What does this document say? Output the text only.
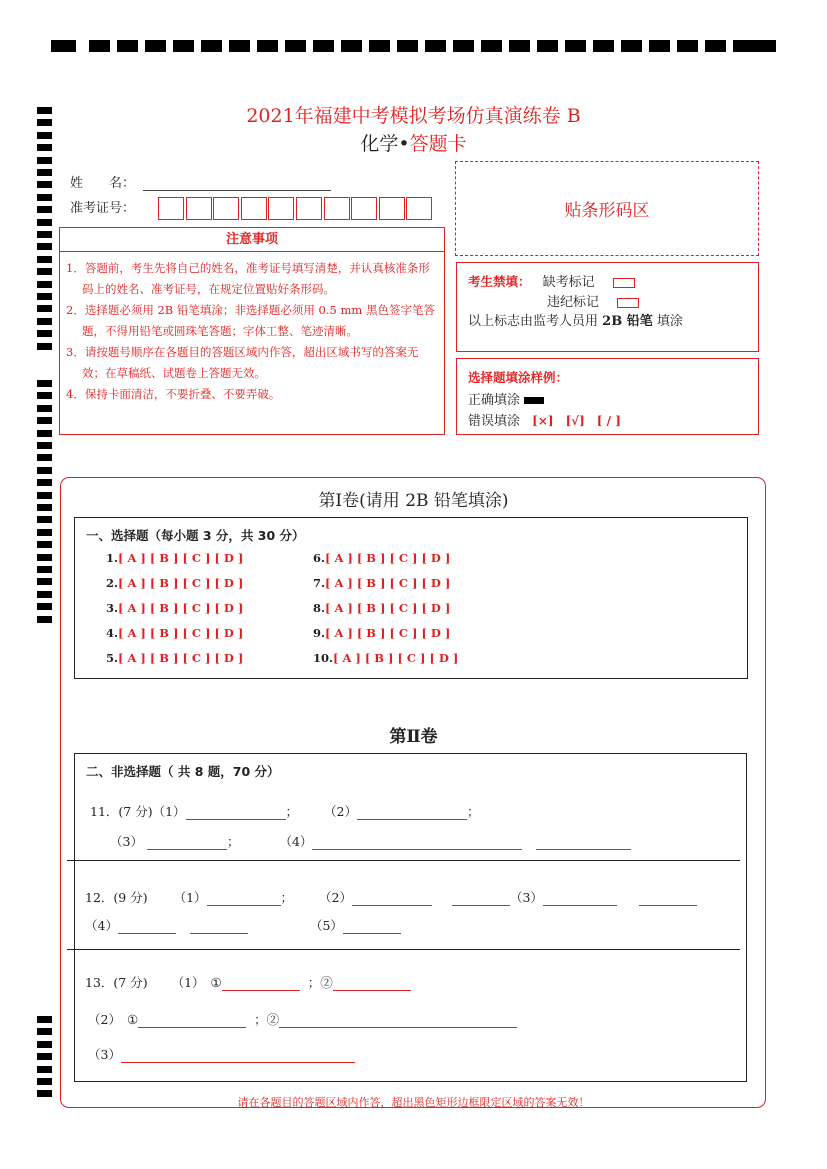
2021年福建中考模拟考场仿真演练卷 B
化学•答题卡
姓　　名：
准考证号：	贴条形码区
注意事项

1．答题前，考生先将自己的姓名，准考证号填写清楚，并认真核准条形码上的姓名、准考证号，在规定位置贴好条形码。

2．选择题必须用 2B 铅笔填涂；非选择题必须用 0.5 mm 黑色签字笔答题，不得用铅笔或圆珠笔答题；字体工整、笔迹清晰。

3．请按题号顺序在各题目的答题区域内作答，超出区域书写的答案无效；在草稿纸、试题卷上答题无效。

4．保持卡面清洁，不要折叠、不要弄破。

考生禁填： 缺考标记
违纪标记
以上标志由监考人员用 2B 铅笔 填涂
选择题填涂样例：
正确填涂
错误填涂 [×]　[√]　[ / ]
第Ⅰ卷(请用 2B 铅笔填涂)
一、选择题（每小题 3 分，共 30 分）
1.[ A ] [ B ] [ C ] [ D ]
2.[ A ] [ B ] [ C ] [ D ]
3.[ A ] [ B ] [ C ] [ D ]
4.[ A ] [ B ] [ C ] [ D ]
5.[ A ] [ B ] [ C ] [ D ]
6.[ A ] [ B ] [ C ] [ D ]
7.[ A ] [ B ] [ C ] [ D ]
8.[ A ] [ B ] [ C ] [ D ]
9.[ A ] [ B ] [ C ] [ D ]
10.[ A ] [ B ] [ C ] [ D ]
第Ⅱ卷
二、非选择题（ 共 8 题，70 分）
11．(7 分)（1）	； （2）	；
（3）	；	（4）
12．(9 分) （1）	； （2）	（3）
（4）	（5）
13．(7 分) （1） ①	；②
（2） ①	；②
（3）
请在各题目的答题区域内作答，超出黑色矩形边框限定区域的答案无效！
